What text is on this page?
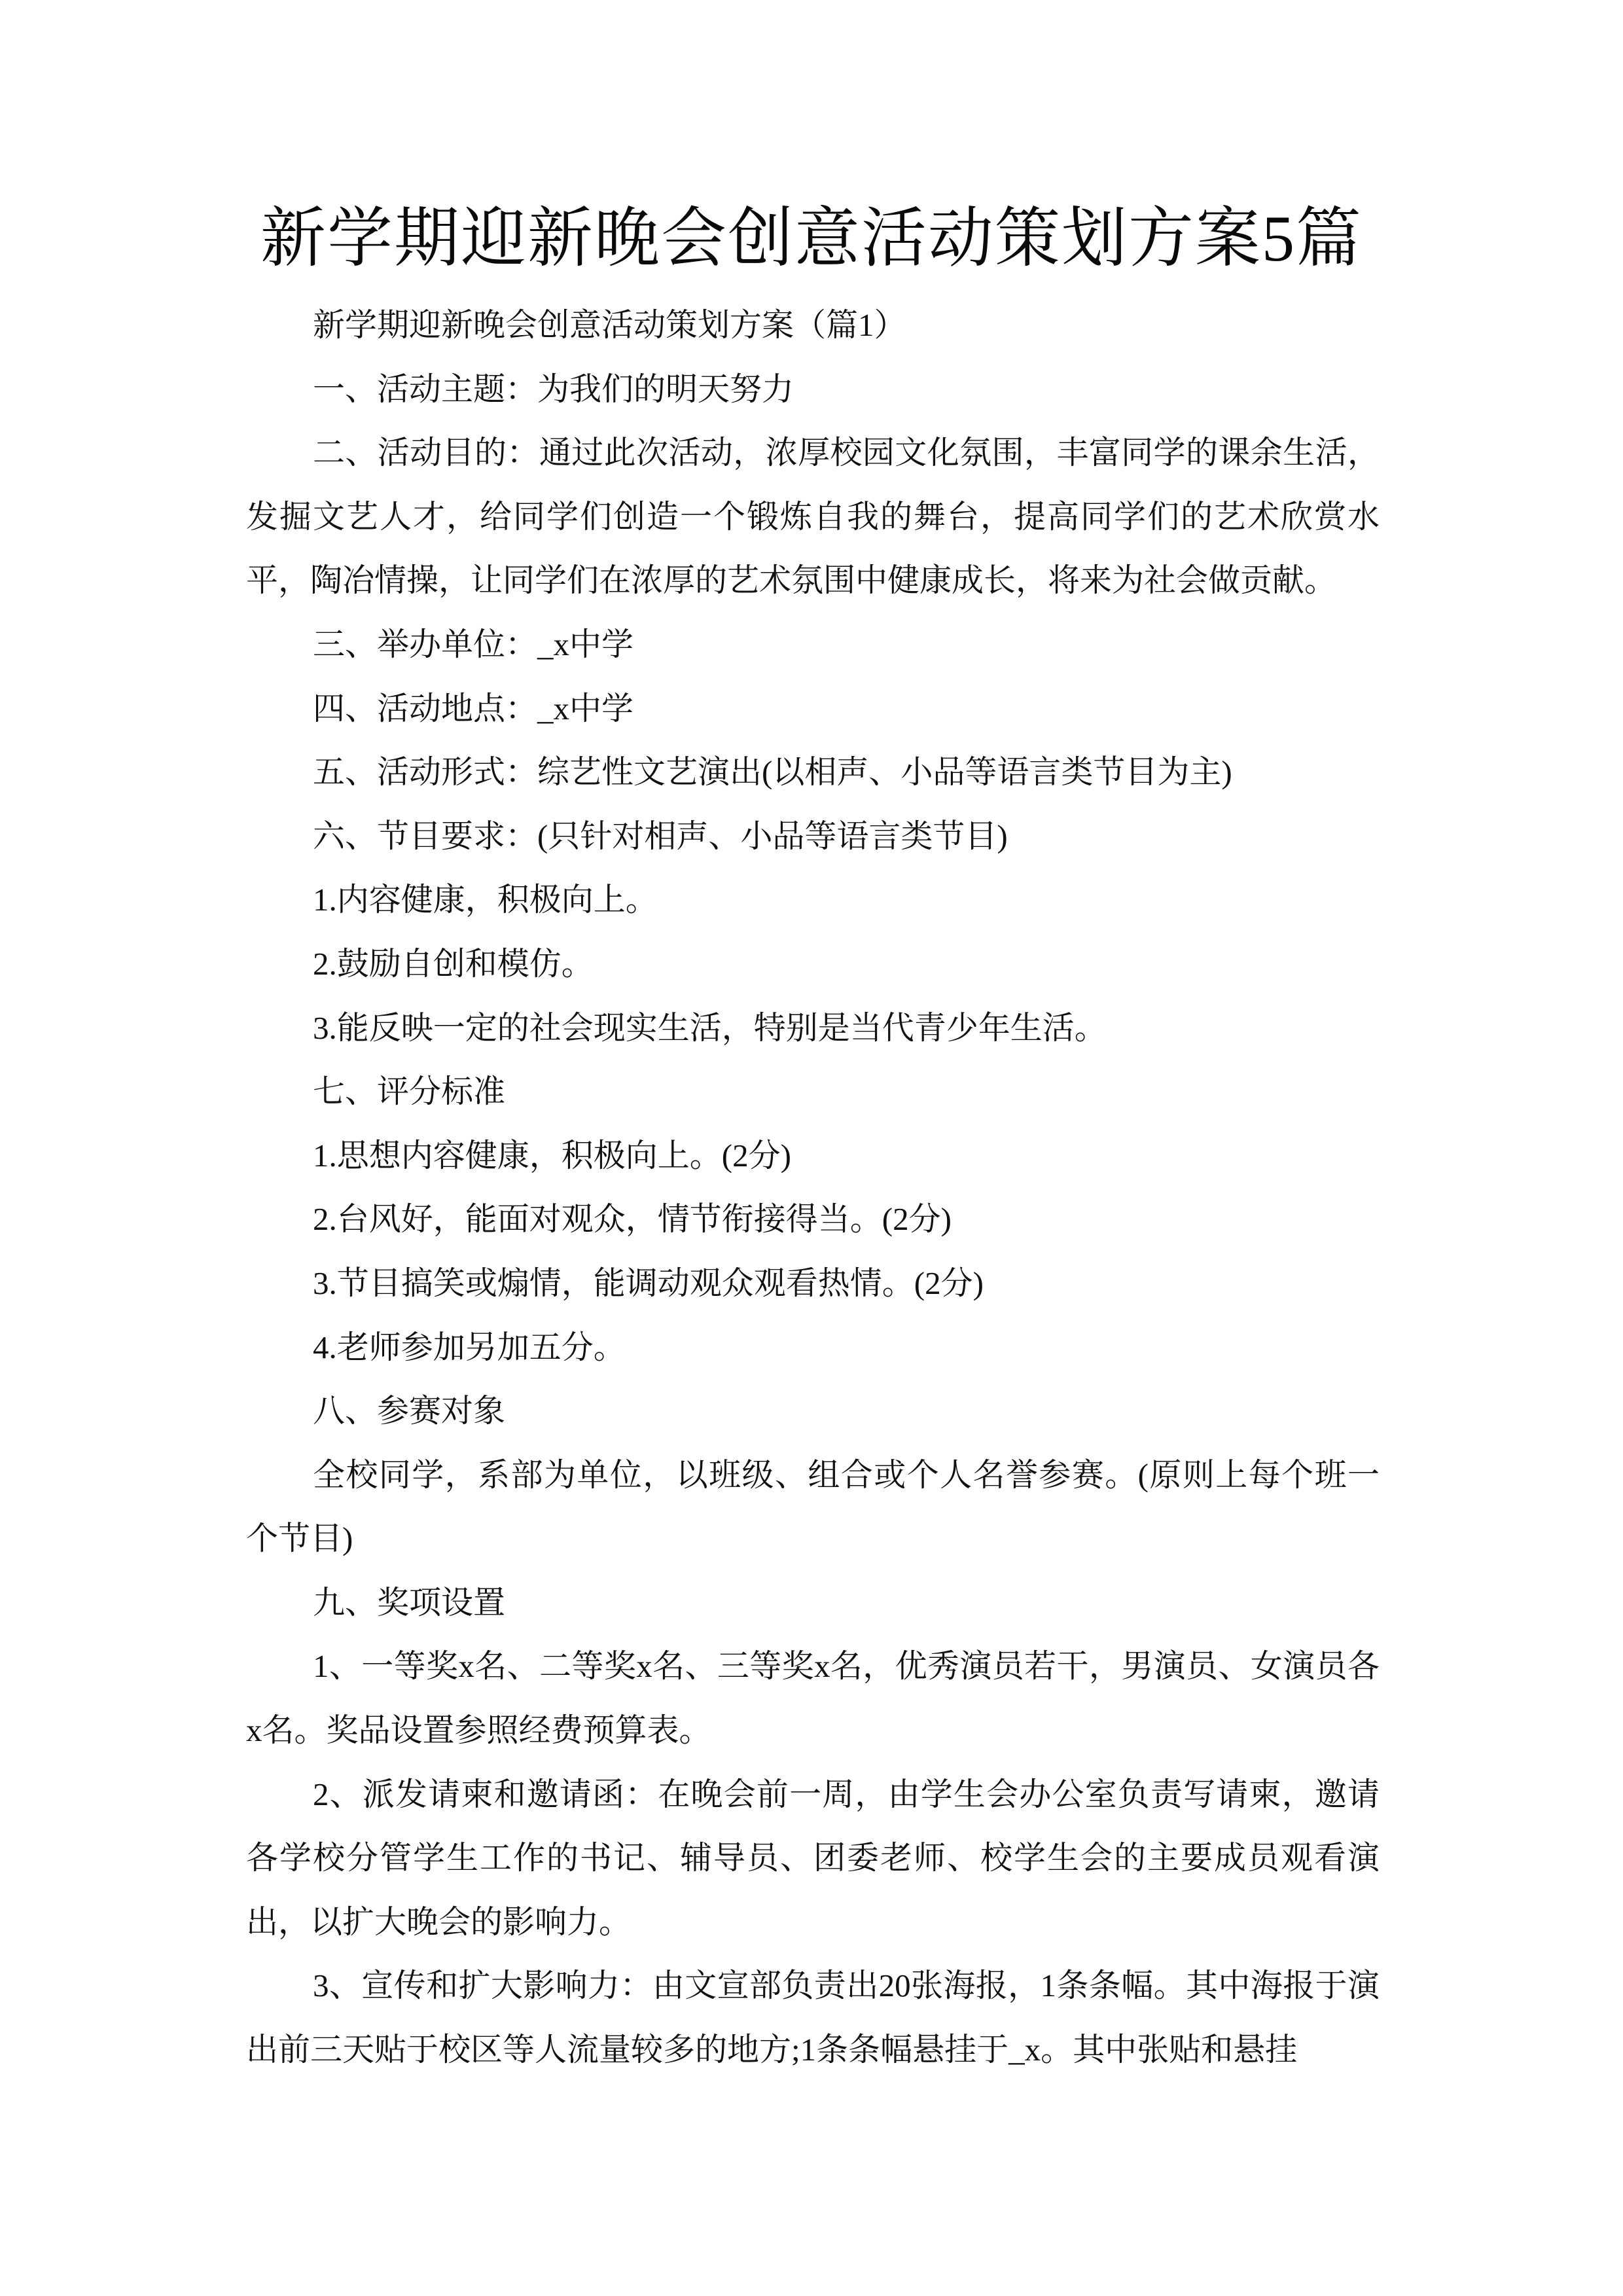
新学期迎新晚会创意活动策划方案5篇

新学期迎新晚会创意活动策划方案（篇1）

一、活动主题：为我们的明天努力

二、活动目的：通过此次活动，浓厚校园文化氛围，丰富同学的课余生活，发掘文艺人才，给同学们创造一个锻炼自我的舞台，提高同学们的艺术欣赏水平，陶冶情操，让同学们在浓厚的艺术氛围中健康成长，将来为社会做贡献。

三、举办单位：_x中学

四、活动地点：_x中学

五、活动形式：综艺性文艺演出(以相声、小品等语言类节目为主)

六、节目要求：(只针对相声、小品等语言类节目)

1.内容健康，积极向上。

2.鼓励自创和模仿。

3.能反映一定的社会现实生活，特别是当代青少年生活。

七、评分标准

1.思想内容健康，积极向上。(2分)

2.台风好，能面对观众，情节衔接得当。(2分)

3.节目搞笑或煽情，能调动观众观看热情。(2分)

4.老师参加另加五分。

八、参赛对象

全校同学，系部为单位，以班级、组合或个人名誉参赛。(原则上每个班一个节目)

九、奖项设置

1、一等奖x名、二等奖x名、三等奖x名，优秀演员若干，男演员、女演员各x名。奖品设置参照经费预算表。

2、派发请柬和邀请函：在晚会前一周，由学生会办公室负责写请柬，邀请各学校分管学生工作的书记、辅导员、团委老师、校学生会的主要成员观看演出，以扩大晚会的影响力。

3、宣传和扩大影响力：由文宣部负责出20张海报，1条条幅。其中海报于演出前三天贴于校区等人流量较多的地方;1条条幅悬挂于_x。其中张贴和悬挂
